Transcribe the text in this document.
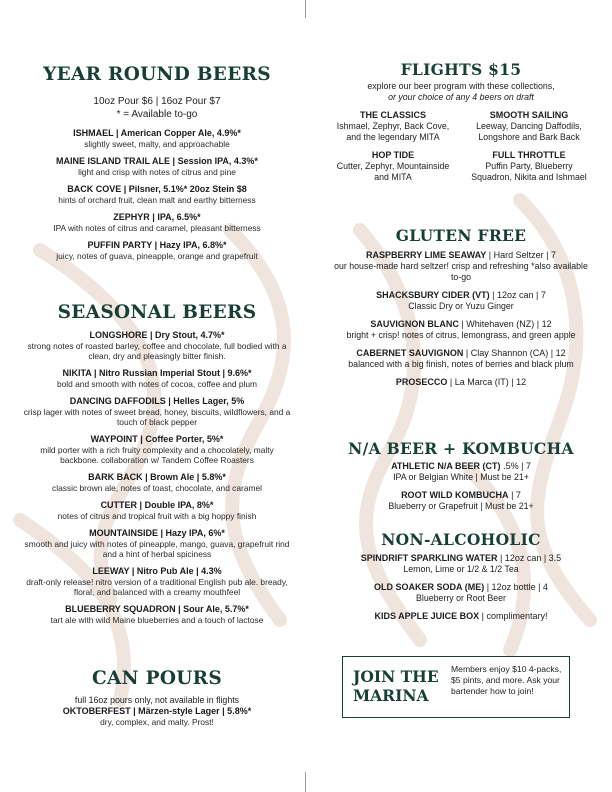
YEAR ROUND BEERS
10oz Pour $6 | 16oz Pour $7
* = Available to-go
ISHMAEL | American Copper Ale, 4.9%*
slightly sweet, malty, and approachable
MAINE ISLAND TRAIL ALE | Session IPA, 4.3%*
light and crisp with notes of citrus and pine
BACK COVE | Pilsner, 5.1%* 20oz Stein $8
hints of orchard fruit, clean malt and earthy bitterness
ZEPHYR | IPA, 6.5%*
IPA with notes of citrus and caramel, pleasant bitterness
PUFFIN PARTY | Hazy IPA, 6.8%*
juicy, notes of guava, pineapple, orange and grapefruit
SEASONAL BEERS
LONGSHORE | Dry Stout, 4.7%*
strong notes of roasted barley, coffee and chocolate, full bodied with a clean, dry and pleasingly bitter finish.
NIKITA | Nitro Russian Imperial Stout | 9.6%*
bold and smooth with notes of cocoa, coffee and plum
DANCING DAFFODILS | Helles Lager, 5%
crisp lager with notes of sweet bread, honey, biscuits, wildflowers, and a touch of black pepper
WAYPOINT | Coffee Porter, 5%*
mild porter with a rich fruity complexity and a chocolately, malty backbone. collaboration w/ Tandem Coffee Roasters
BARK BACK | Brown Ale | 5.8%*
classic brown ale, notes of toast, chocolate, and caramel
CUTTER | Double IPA, 8%*
notes of citrus and tropical fruit with a big hoppy finish
MOUNTAINSIDE | Hazy IPA, 6%*
smooth and juicy with notes of pineapple, mango, guava, grapefruit rind and a hint of herbal spiciness
LEEWAY | Nitro Pub Ale | 4.3%
draft-only release! nitro version of a traditional English pub ale. bready, floral, and balanced with a creamy mouthfeel
BLUEBERRY SQUADRON | Sour Ale, 5.7%*
tart ale with wild Maine blueberries and a touch of lactose
CAN POURS
full 16oz pours only, not available in flights
OKTOBERFEST | Märzen-style Lager | 5.8%*
dry, complex, and malty. Prost!
FLIGHTS $15
explore our beer program with these collections,
or your choice of any 4 beers on draft
THE CLASSICS
Ishmael, Zephyr, Back Cove, and the legendary MITA
SMOOTH SAILING
Leeway, Dancing Daffodils, Longshore and Bark Back
HOP TIDE
Cutter, Zephyr, Mountainside and MITA
FULL THROTTLE
Puffin Party, Blueberry Squadron, Nikita and Ishmael
GLUTEN FREE
RASPBERRY LIME SEAWAY | Hard Seltzer | 7
our house-made hard seltzer! crisp and refreshing *also available to-go
SHACKSBURY CIDER (VT) | 12oz can | 7
Classic Dry or Yuzu Ginger
SAUVIGNON BLANC | Whitehaven (NZ) | 12
bright + crisp! notes of citrus, lemongrass, and green apple
CABERNET SAUVIGNON | Clay Shannon (CA) | 12
balanced with a big finish, notes of berries and black plum
PROSECCO | La Marca (IT) | 12
N/A BEER + KOMBUCHA
ATHLETIC N/A BEER (CT) .5% | 7
IPA or Belgian White | Must be 21+
ROOT WILD KOMBUCHA | 7
Blueberry or Grapefruit | Must be 21+
NON-ALCOHOLIC
SPINDRIFT SPARKLING WATER | 12oz can | 3.5
Lemon, Lime or 1/2 & 1/2 Tea
OLD SOAKER SODA (ME) | 12oz bottle | 4
Blueberry or Root Beer
KIDS APPLE JUICE BOX | complimentary!
JOIN THE MARINA
Members enjoy $10 4-packs, $5 pints, and more. Ask your bartender how to join!
